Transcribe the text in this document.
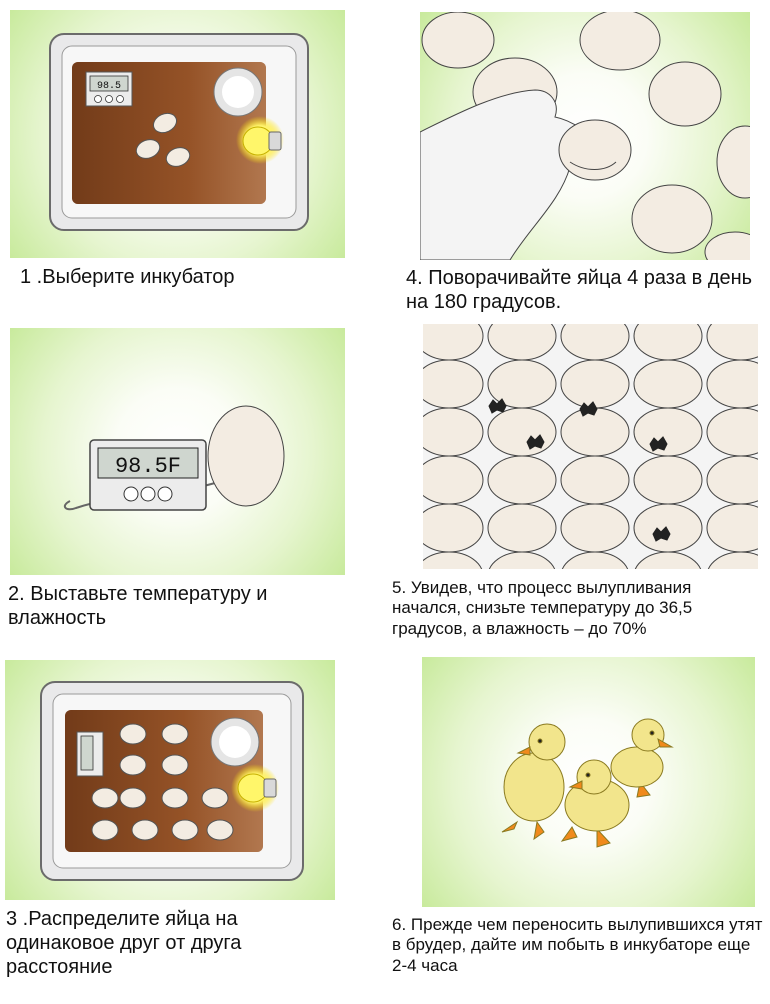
98.5
1 .Выберите инкубатор	4. Поворачивайте яйца 4 раза в день на 180 градусов.
98.5F
2. Выставьте температуру и влажность
5. Увидев, что процесс вылупливания начался, снизьте температуру до 36,5 градусов, а влажность – до 70%
3 .Распределите яйца на одинаковое друг от друга расстояние
6. Прежде чем переносить вылупившихся утят в брудер, дайте им побыть в инкубаторе еще 2-4 часа
